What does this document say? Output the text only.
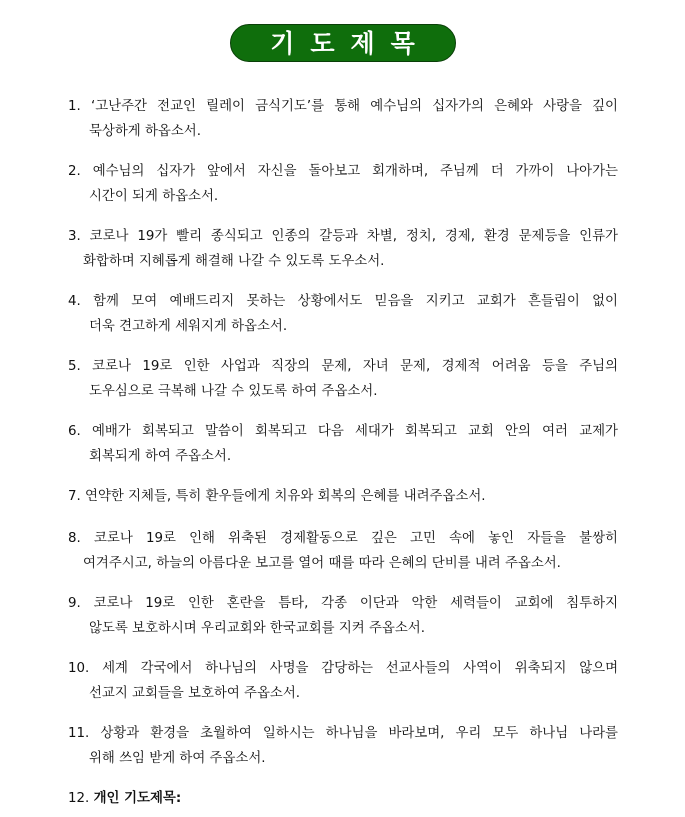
기도제목
1. ‘고난주간 전교인 릴레이 금식기도’를 통해 예수님의 십자가의 은혜와 사랑을 깊이
묵상하게 하옵소서.
2. 예수님의 십자가 앞에서 자신을 돌아보고 회개하며, 주님께 더 가까이 나아가는
시간이 되게 하옵소서.
3. 코로나 19가 빨리 종식되고 인종의 갈등과 차별, 정치, 경제, 환경 문제등을 인류가
화합하며 지혜롭게 해결해 나갈 수 있도록 도우소서.
4. 함께 모여 예배드리지 못하는 상황에서도 믿음을 지키고 교회가 흔들림이 없이
더욱 견고하게 세워지게 하옵소서.
5. 코로나 19로 인한 사업과 직장의 문제, 자녀 문제, 경제적 어려움 등을 주님의
도우심으로 극복해 나갈 수 있도록 하여 주옵소서.
6. 예배가 회복되고 말씀이 회복되고 다음 세대가 회복되고 교회 안의 여러 교제가
회복되게 하여 주옵소서.
7. 연약한 지체들, 특히 환우들에게 치유와 회복의 은혜를 내려주옵소서.
8. 코로나 19로 인해 위축된 경제활동으로 깊은 고민 속에 놓인 자들을 불쌍히
여겨주시고, 하늘의 아름다운 보고를 열어 때를 따라 은혜의 단비를 내려 주옵소서.
9. 코로나 19로 인한 혼란을 틈타, 각종 이단과 악한 세력들이 교회에 침투하지
않도록 보호하시며 우리교회와 한국교회를 지켜 주옵소서.
10. 세계 각국에서 하나님의 사명을 감당하는 선교사들의 사역이 위축되지 않으며
선교지 교회들을 보호하여 주옵소서.
11. 상황과 환경을 초월하여 일하시는 하나님을 바라보며, 우리 모두 하나님 나라를
위해 쓰임 받게 하여 주옵소서.
12. 개인 기도제목:
